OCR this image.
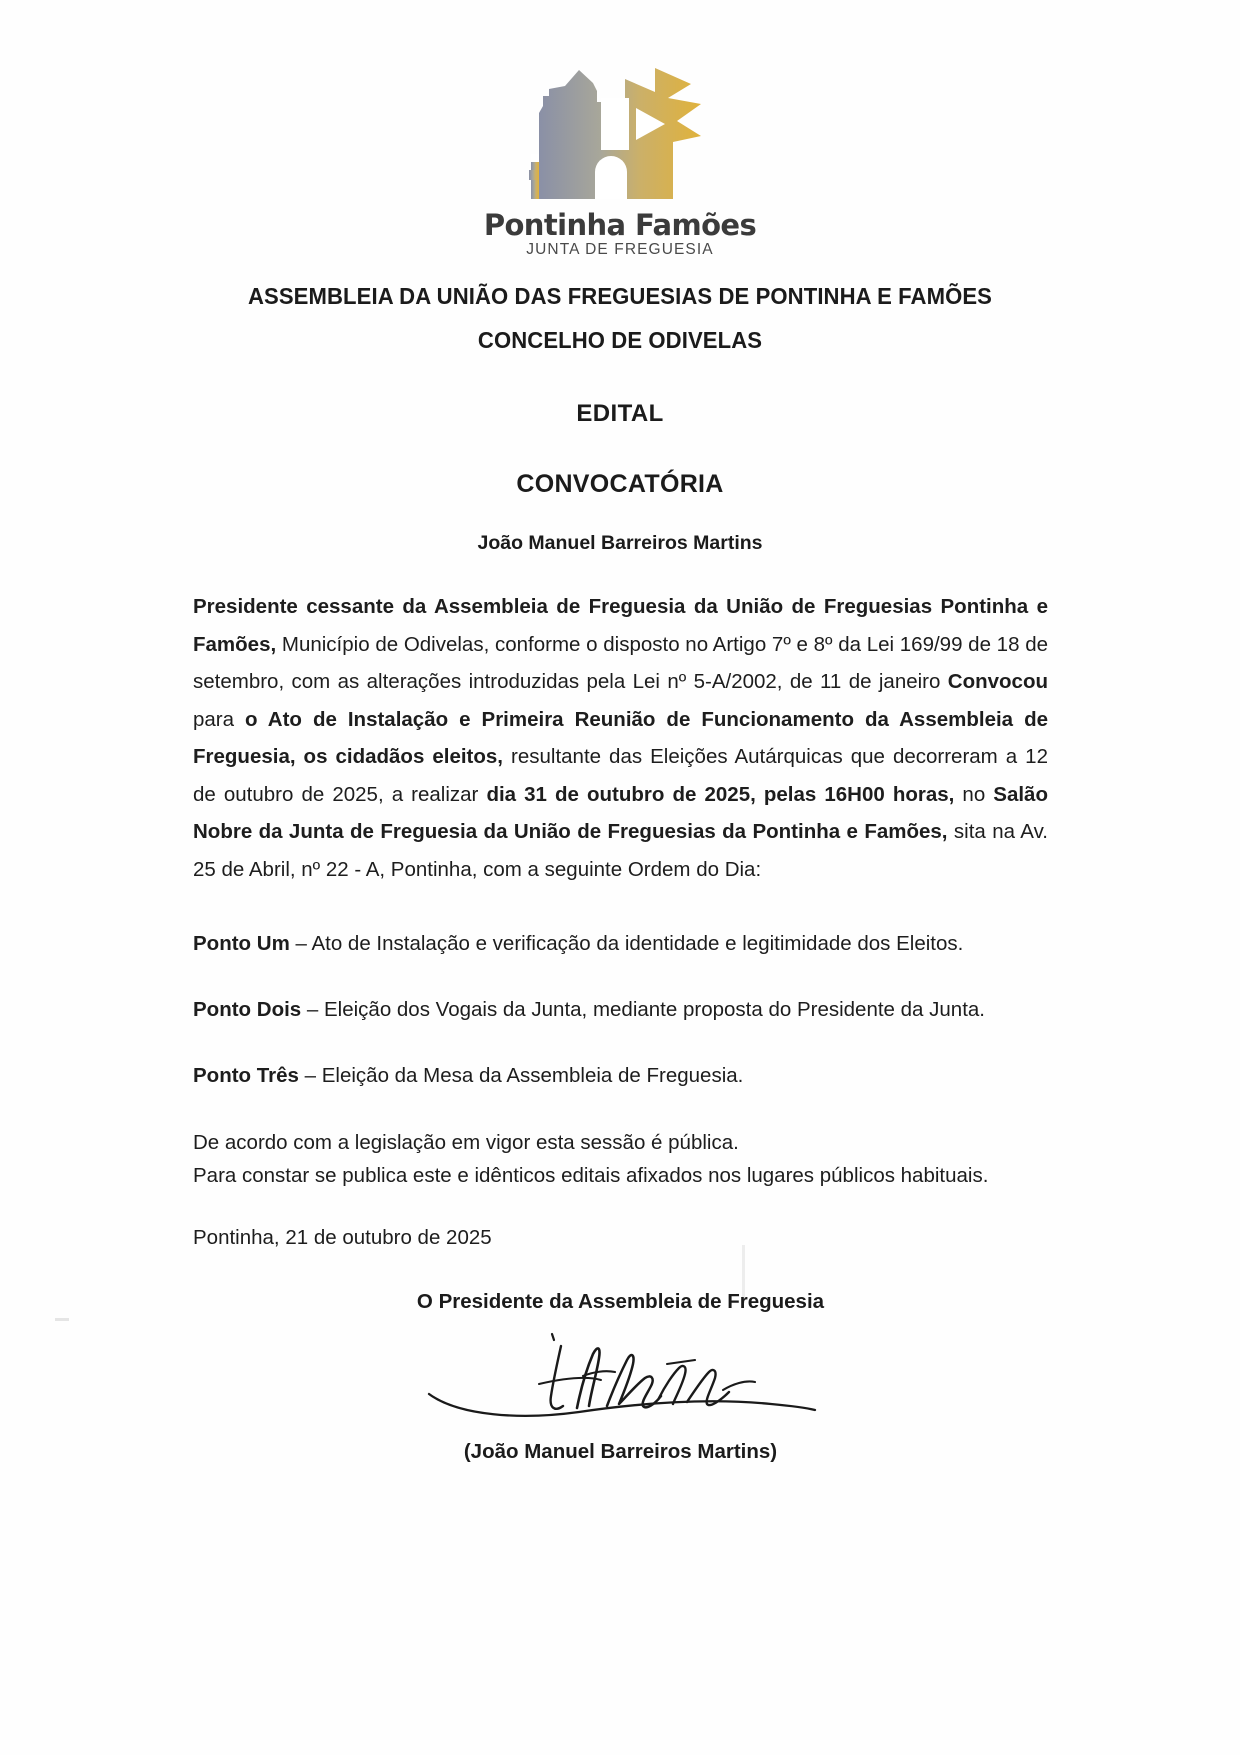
Pontinha Famões
JUNTA DE FREGUESIA
ASSEMBLEIA DA UNIÃO DAS FREGUESIAS DE PONTINHA E FAMÕES
CONCELHO DE ODIVELAS
EDITAL
CONVOCATÓRIA
João Manuel Barreiros Martins

Presidente cessante da Assembleia de Freguesia da União de Freguesias Pontinha e Famões, Município de Odivelas, conforme o disposto no Artigo 7º e 8º da Lei 169/99 de 18 de setembro, com as alterações introduzidas pela Lei nº 5-A/2002, de 11 de janeiro Convocou para o Ato de Instalação e Primeira Reunião de Funcionamento da Assembleia de Freguesia, os cidadãos eleitos, resultante das Eleições Autárquicas que decorreram a 12 de outubro de 2025, a realizar dia 31 de outubro de 2025, pelas 16H00 horas, no Salão Nobre da Junta de Freguesia da União de Freguesias da Pontinha e Famões, sita na Av. 25 de Abril, nº 22 - A, Pontinha, com a seguinte Ordem do Dia:

Ponto Um – Ato de Instalação e verificação da identidade e legitimidade dos Eleitos.

Ponto Dois – Eleição dos Vogais da Junta, mediante proposta do Presidente da Junta.

Ponto Três – Eleição da Mesa da Assembleia de Freguesia.

De acordo com a legislação em vigor esta sessão é pública.

Para constar se publica este e idênticos editais afixados nos lugares públicos habituais.

Pontinha, 21 de outubro de 2025

O Presidente da Assembleia de Freguesia

(João Manuel Barreiros Martins)
